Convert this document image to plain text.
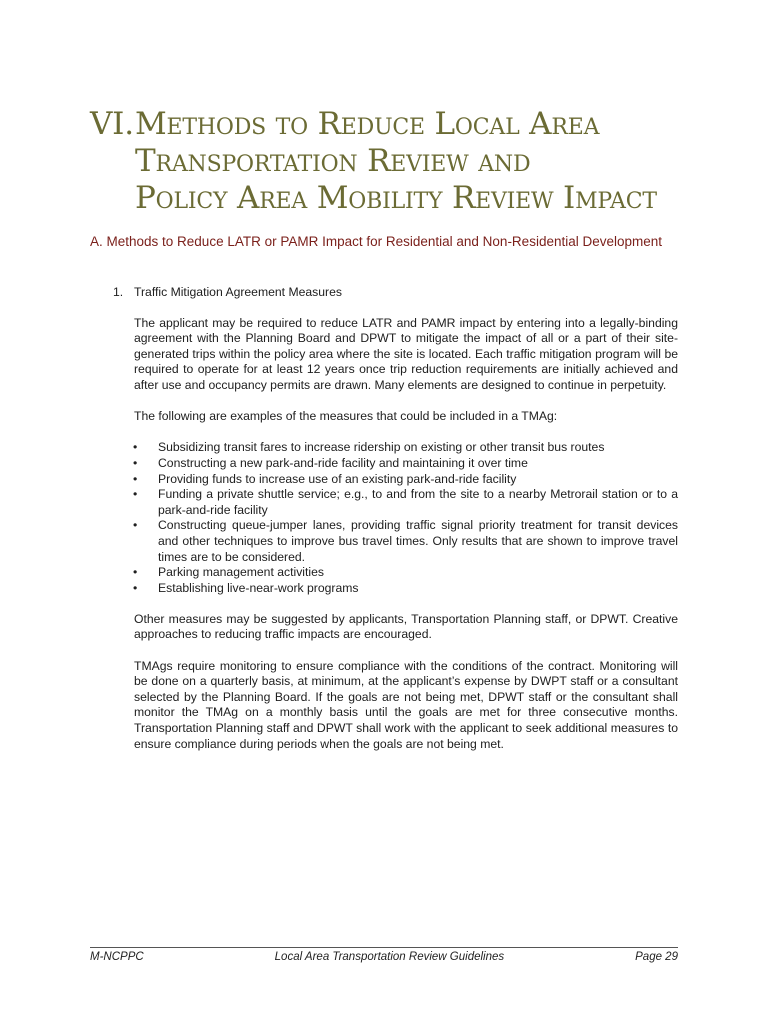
VI.Methods to Reduce Local Area
Transportation Review and
Policy Area Mobility Review Impact
A. Methods to Reduce LATR or PAMR Impact for Residential and Non-Residential Development
1. Traffic Mitigation Agreement Measures

The applicant may be required to reduce LATR and PAMR impact by entering into a legally-binding agreement with the Planning Board and DPWT to mitigate the impact of all or a part of their site-generated trips within the policy area where the site is located. Each traffic mitigation program will be required to operate for at least 12 years once trip reduction requirements are initially achieved and after use and occupancy permits are drawn. Many elements are designed to continue in perpetuity.

The following are examples of the measures that could be included in a TMAg:

• Subsidizing transit fares to increase ridership on existing or other transit bus routes
• Constructing a new park-and-ride facility and maintaining it over time
• Providing funds to increase use of an existing park-and-ride facility
• Funding a private shuttle service; e.g., to and from the site to a nearby Metrorail station or to a park-and-ride facility
• Constructing queue-jumper lanes, providing traffic signal priority treatment for transit devices and other techniques to improve bus travel times. Only results that are shown to improve travel times are to be considered.
• Parking management activities
• Establishing live-near-work programs

Other measures may be suggested by applicants, Transportation Planning staff, or DPWT. Creative approaches to reducing traffic impacts are encouraged.

TMAgs require monitoring to ensure compliance with the conditions of the contract. Monitoring will be done on a quarterly basis, at minimum, at the applicant’s expense by DWPT staff or a consultant selected by the Planning Board. If the goals are not being met, DPWT staff or the consultant shall monitor the TMAg on a monthly basis until the goals are met for three consecutive months. Transportation Planning staff and DPWT shall work with the applicant to seek additional measures to ensure compliance during periods when the goals are not being met.

M-NCPPC	Local Area Transportation Review Guidelines	Page 29
